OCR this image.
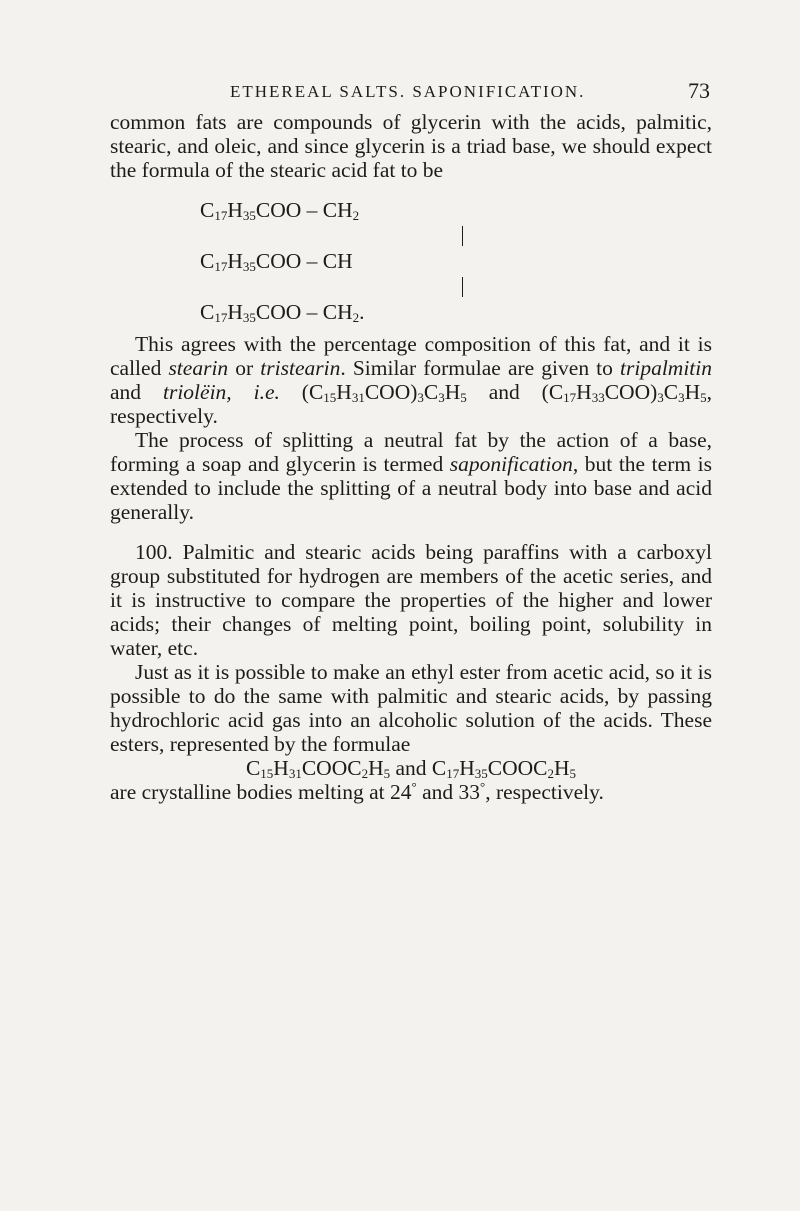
ETHEREAL SALTS. SAPONIFICATION.	73

common fats are compounds of glycerin with the acids, palmitic, stearic, and oleic, and since glycerin is a triad base, we should expect the formula of the stearic acid fat to be

$C_{17}H_{35}COO - CH_2$
$C_{17}H_{35}COO$ – CH
$C_{17}H_{35}COO - CH_2$.

This agrees with the percentage composition of this fat, and it is called stearin or tristearin. Similar formulae are given to tripalmitin and triolëin, i.e. $(C_{15}H_{31}COO)_3C_3H_5$ and $(C_{17}H_{33}COO)_3C_3H_5$, respectively.

The process of splitting a neutral fat by the action of a base, forming a soap and glycerin is termed saponification, but the term is extended to include the splitting of a neutral body into base and acid generally.

100. Palmitic and stearic acids being paraffins with a carboxyl group substituted for hydrogen are members of the acetic series, and it is instructive to compare the properties of the higher and lower acids; their changes of melting point, boiling point, solubility in water, etc.

Just as it is possible to make an ethyl ester from acetic acid, so it is possible to do the same with palmitic and stearic acids, by passing hydrochloric acid gas into an alcoholic solution of the acids. These esters, represented by the formulae

$C_{15}H_{31}COOC_2H_5$ and $C_{17}H_{35}COOC_2H_5$

are crystalline bodies melting at 24° and 33°, respectively.
